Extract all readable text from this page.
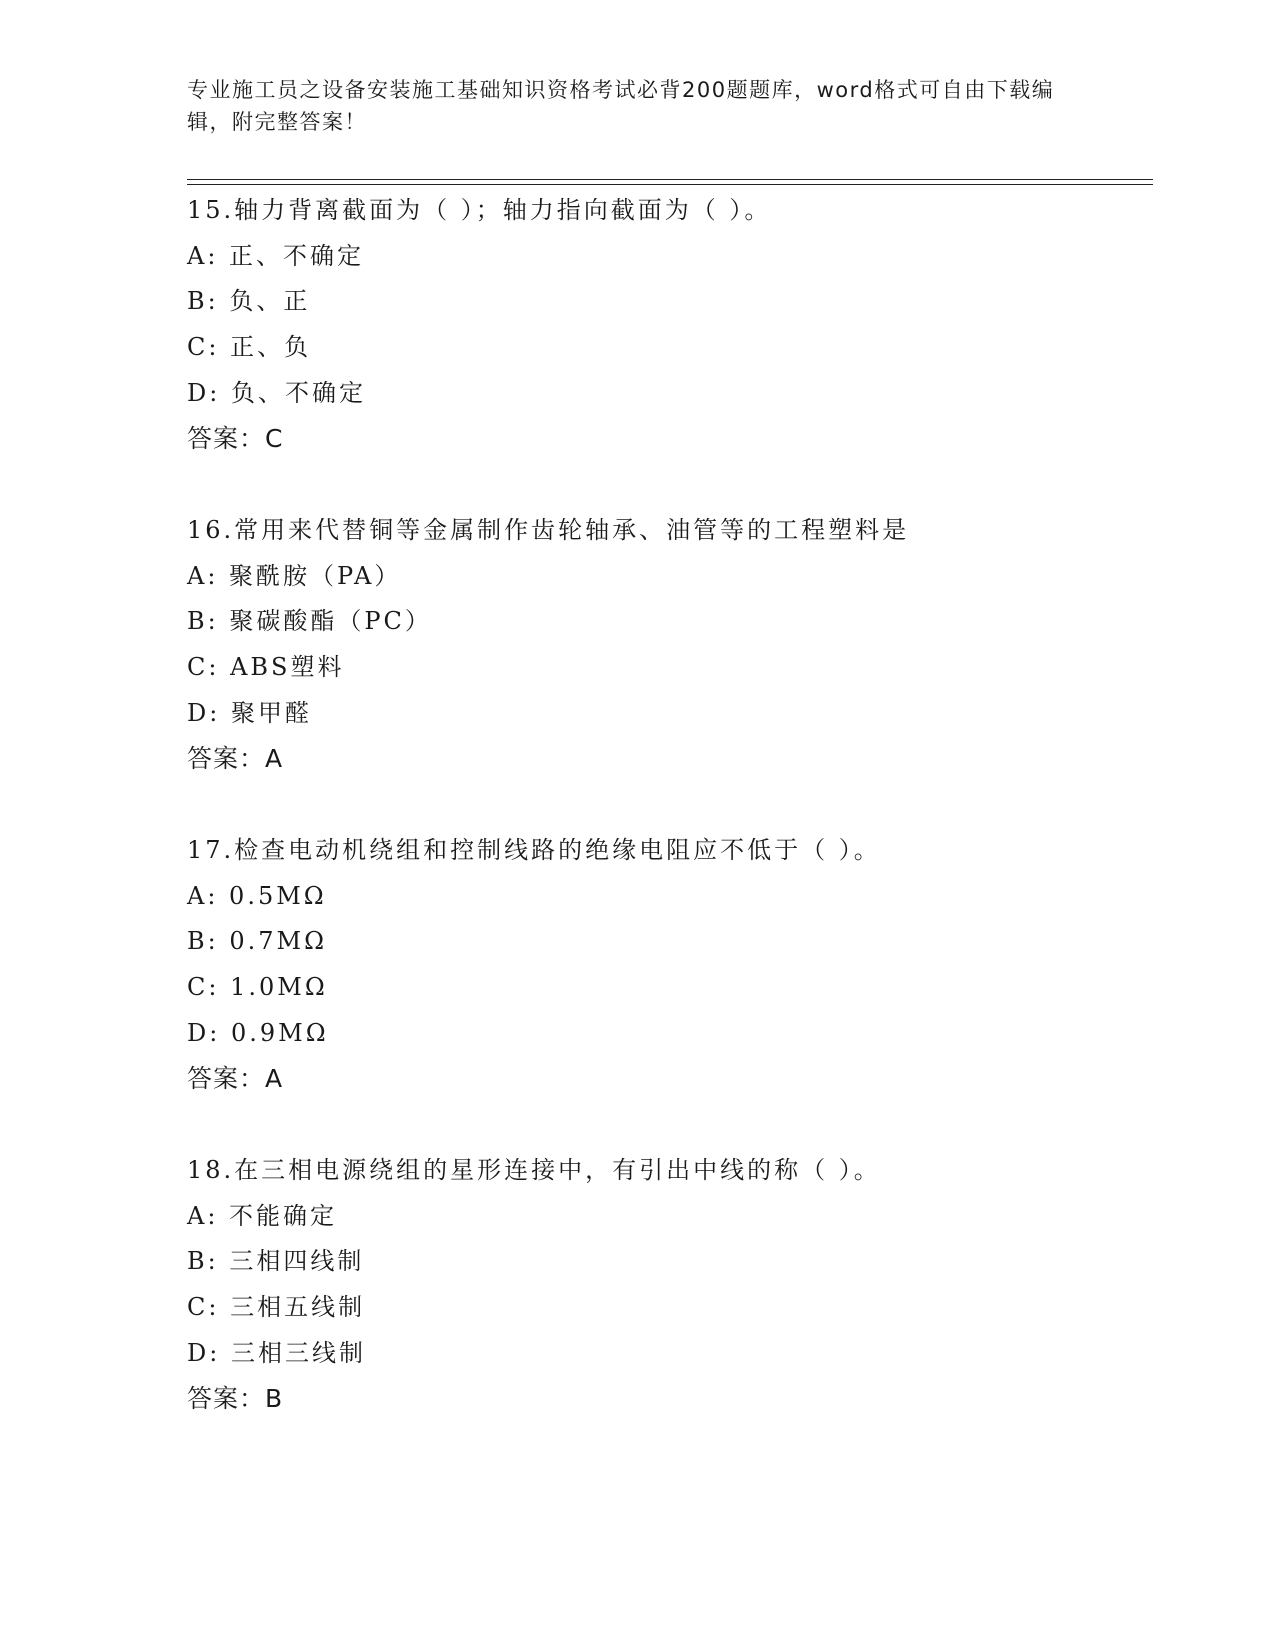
专业施工员之设备安装施工基础知识资格考试必背200题题库，word格式可自由下载编辑，附完整答案！
15.轴力背离截面为（ ）；轴力指向截面为（ ）。
A: 正、不确定
B: 负、正
C: 正、负
D: 负、不确定
答案：C
16.常用来代替铜等金属制作齿轮轴承、油管等的工程塑料是
A: 聚酰胺（PA）
B: 聚碳酸酯（PC）
C: ABS塑料
D: 聚甲醛
答案：A
17.检查电动机绕组和控制线路的绝缘电阻应不低于（ ）。
A: 0.5MΩ
B: 0.7MΩ
C: 1.0MΩ
D: 0.9MΩ
答案：A
18.在三相电源绕组的星形连接中，有引出中线的称（ ）。
A: 不能确定
B: 三相四线制
C: 三相五线制
D: 三相三线制
答案：B
